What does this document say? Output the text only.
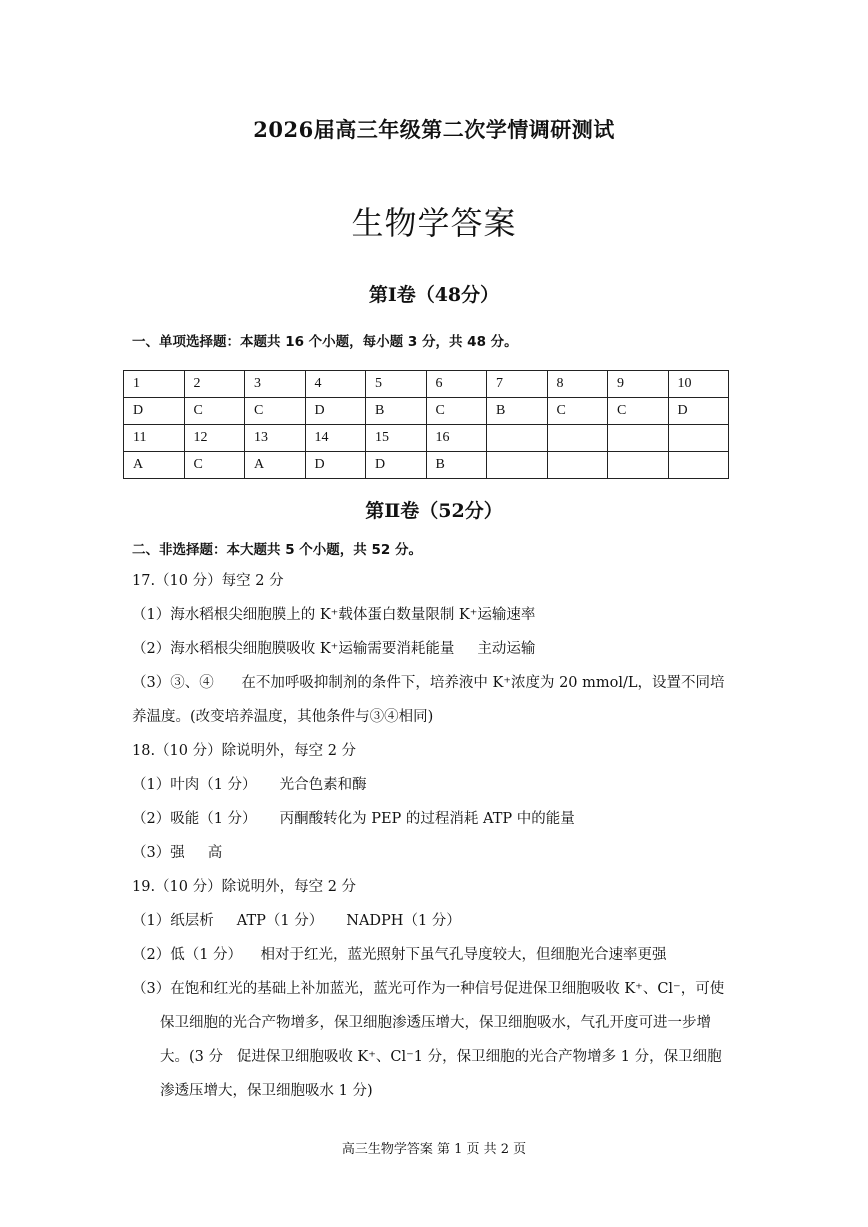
2026届高三年级第二次学情调研测试
生物学答案
第Ⅰ卷（48分）
一、单项选择题：本题共 16 个小题，每小题 3 分，共 48 分。
1	2	3	4	5	6	7	8	9	10
D	C	C	D	B	C	B	C	C	D
11	12	13	14	15	16				
A	C	A	D	D	B				
第Ⅱ卷（52分）
二、非选择题：本大题共 5 个小题，共 52 分。
17.（10 分）每空 2 分
（1）海水稻根尖细胞膜上的 K⁺载体蛋白数量限制 K⁺运输速率
（2）海水稻根尖细胞膜吸收 K⁺运输需要消耗能量     主动运输
（3）③、④      在不加呼吸抑制剂的条件下，培养液中 K⁺浓度为 20 mmol/L，设置不同培
养温度。(改变培养温度，其他条件与③④相同)
18.（10 分）除说明外，每空 2 分
（1）叶肉（1 分）     光合色素和酶
（2）吸能（1 分）     丙酮酸转化为 PEP 的过程消耗 ATP 中的能量
（3）强     高
19.（10 分）除说明外，每空 2 分
（1）纸层析     ATP（1 分）     NADPH（1 分）
（2）低（1 分）    相对于红光，蓝光照射下虽气孔导度较大，但细胞光合速率更强
（3）在饱和红光的基础上补加蓝光，蓝光可作为一种信号促进保卫细胞吸收 K⁺、Cl⁻，可使
保卫细胞的光合产物增多，保卫细胞渗透压增大，保卫细胞吸水，气孔开度可进一步增
大。(3 分   促进保卫细胞吸收 K⁺、Cl⁻1 分，保卫细胞的光合产物增多 1 分，保卫细胞
渗透压增大，保卫细胞吸水 1 分)
高三生物学答案 第 1 页 共 2 页
